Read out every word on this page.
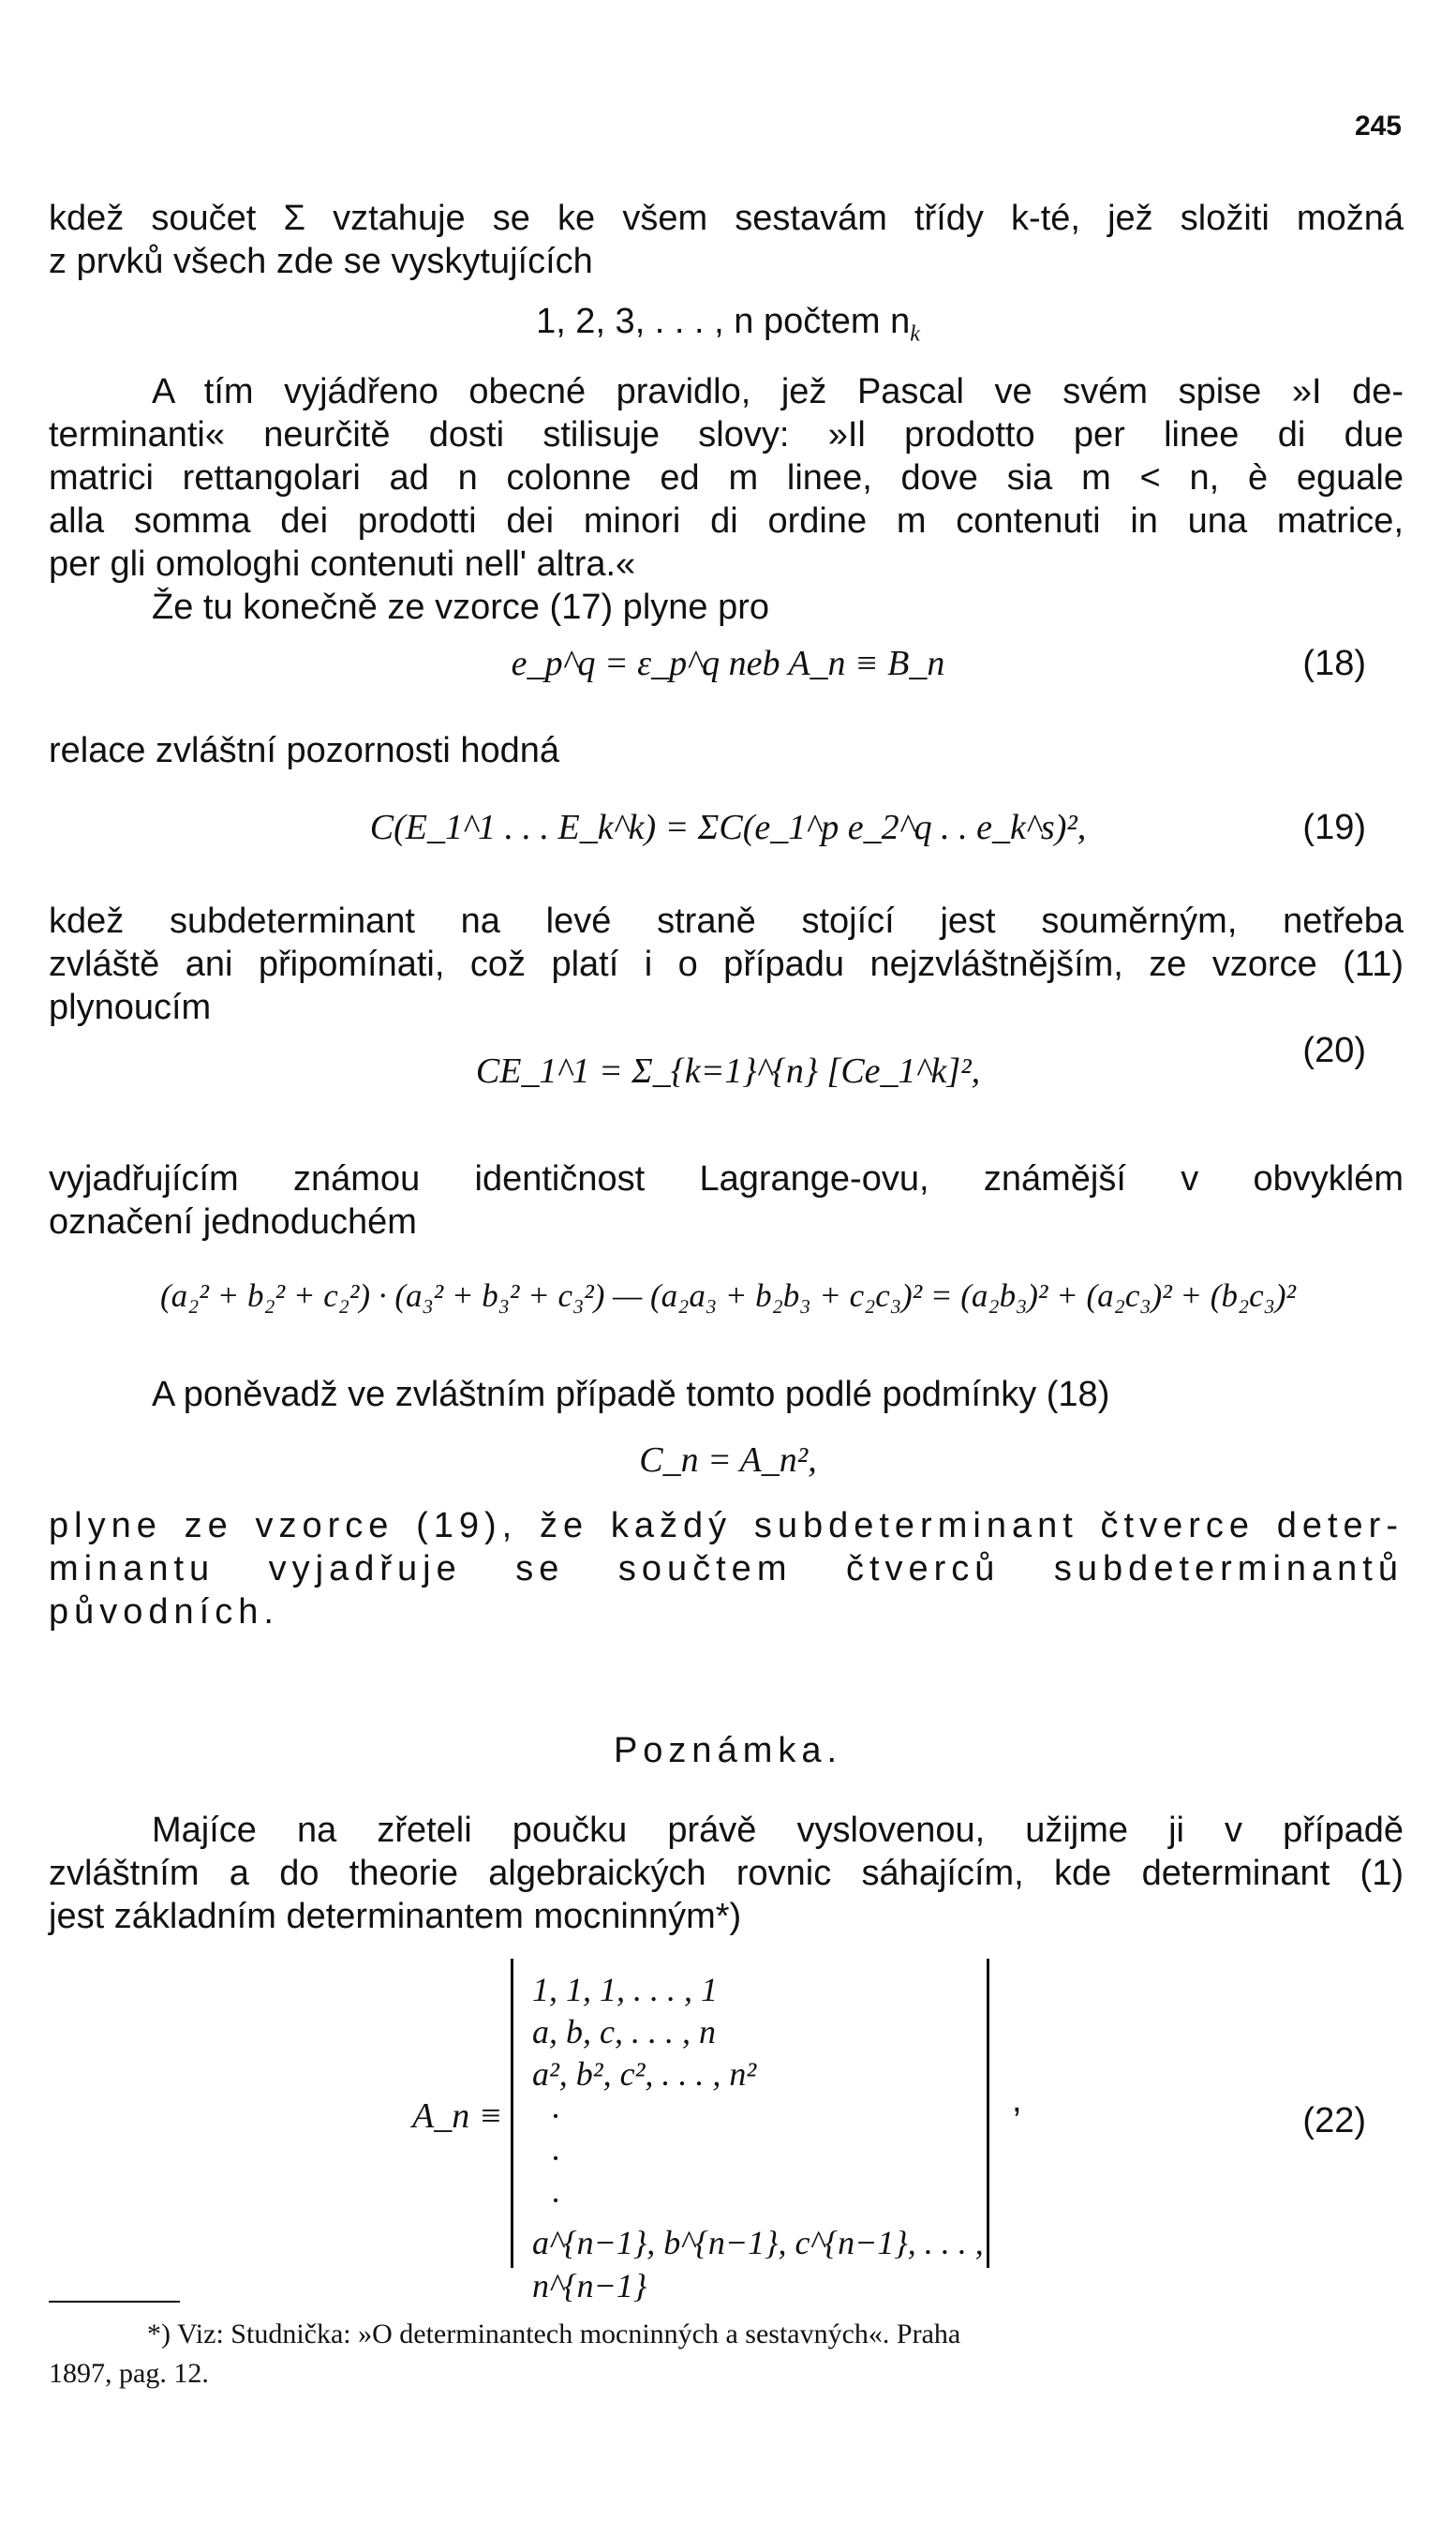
245
kdež součet Σ vztahuje se ke všem sestavám třídy k-té, jež složiti možná
z prvků všech zde se vyskytujících
1, 2, 3, . . . , n počtem $n_k$
A tím vyjádřeno obecné pravidlo, jež Pascal ve svém spise »I de-
terminanti« neurčitě dosti stilisuje slovy: »Il prodotto per linee di due
matrici rettangolari ad n colonne ed m linee, dove sia m < n, è eguale
alla somma dei prodotti dei minori di ordine m contenuti in una matrice,
per gli omologhi contenuti nell' altra.«
Že tu konečně ze vzorce (17) plyne pro
e_p^q = ε_p^q neb A_n ≡ B_n	(18)
relace zvláštní pozornosti hodná
C(E_1^1 . . . E_k^k) = ΣC(e_1^p e_2^q . . e_k^s)²,	(19)
kdež subdeterminant na levé straně stojící jest souměrným, netřeba
zvláště ani připomínati, což platí i o případu nejzvláštnějším, ze vzorce (11)
plynoucím
CE_1^1 = Σ_{k=1}^{n} [Ce_1^k]²,
(20)
vyjadřujícím známou identičnost Lagrange-ovu, známější v obvyklém
označení jednoduchém
(a₂² + b₂² + c₂²) · (a₃² + b₃² + c₃²) — (a₂a₃ + b₂b₃ + c₂c₃)² = (a₂b₃)² + (a₂c₃)² + (b₂c₃)²
A poněvadž ve zvláštním případě tomto podlé podmínky (18)
C_n = A_n²,
plyne ze vzorce (19), že každý subdeterminant čtverce deter-
minantu vyjadřuje se součtem čtverců subdeterminantů
původních.
Poznámka.
Majíce na zřeteli poučku právě vyslovenou, užijme ji v případě
zvláštním a do theorie algebraických rovnic sáhajícím, kde determinant (1)
jest základním determinantem mocninným*)
A_n ≡
1, 1, 1, . . . , 1
a, b, c, . . . , n
a², b², c², . . . , n²
·
·
·
a^{n−1}, b^{n−1}, c^{n−1}, . . . , n^{n−1}
,
(22)
*) Viz: Studnička: »O determinantech mocninných a sestavných«. Praha
1897, pag. 12.
